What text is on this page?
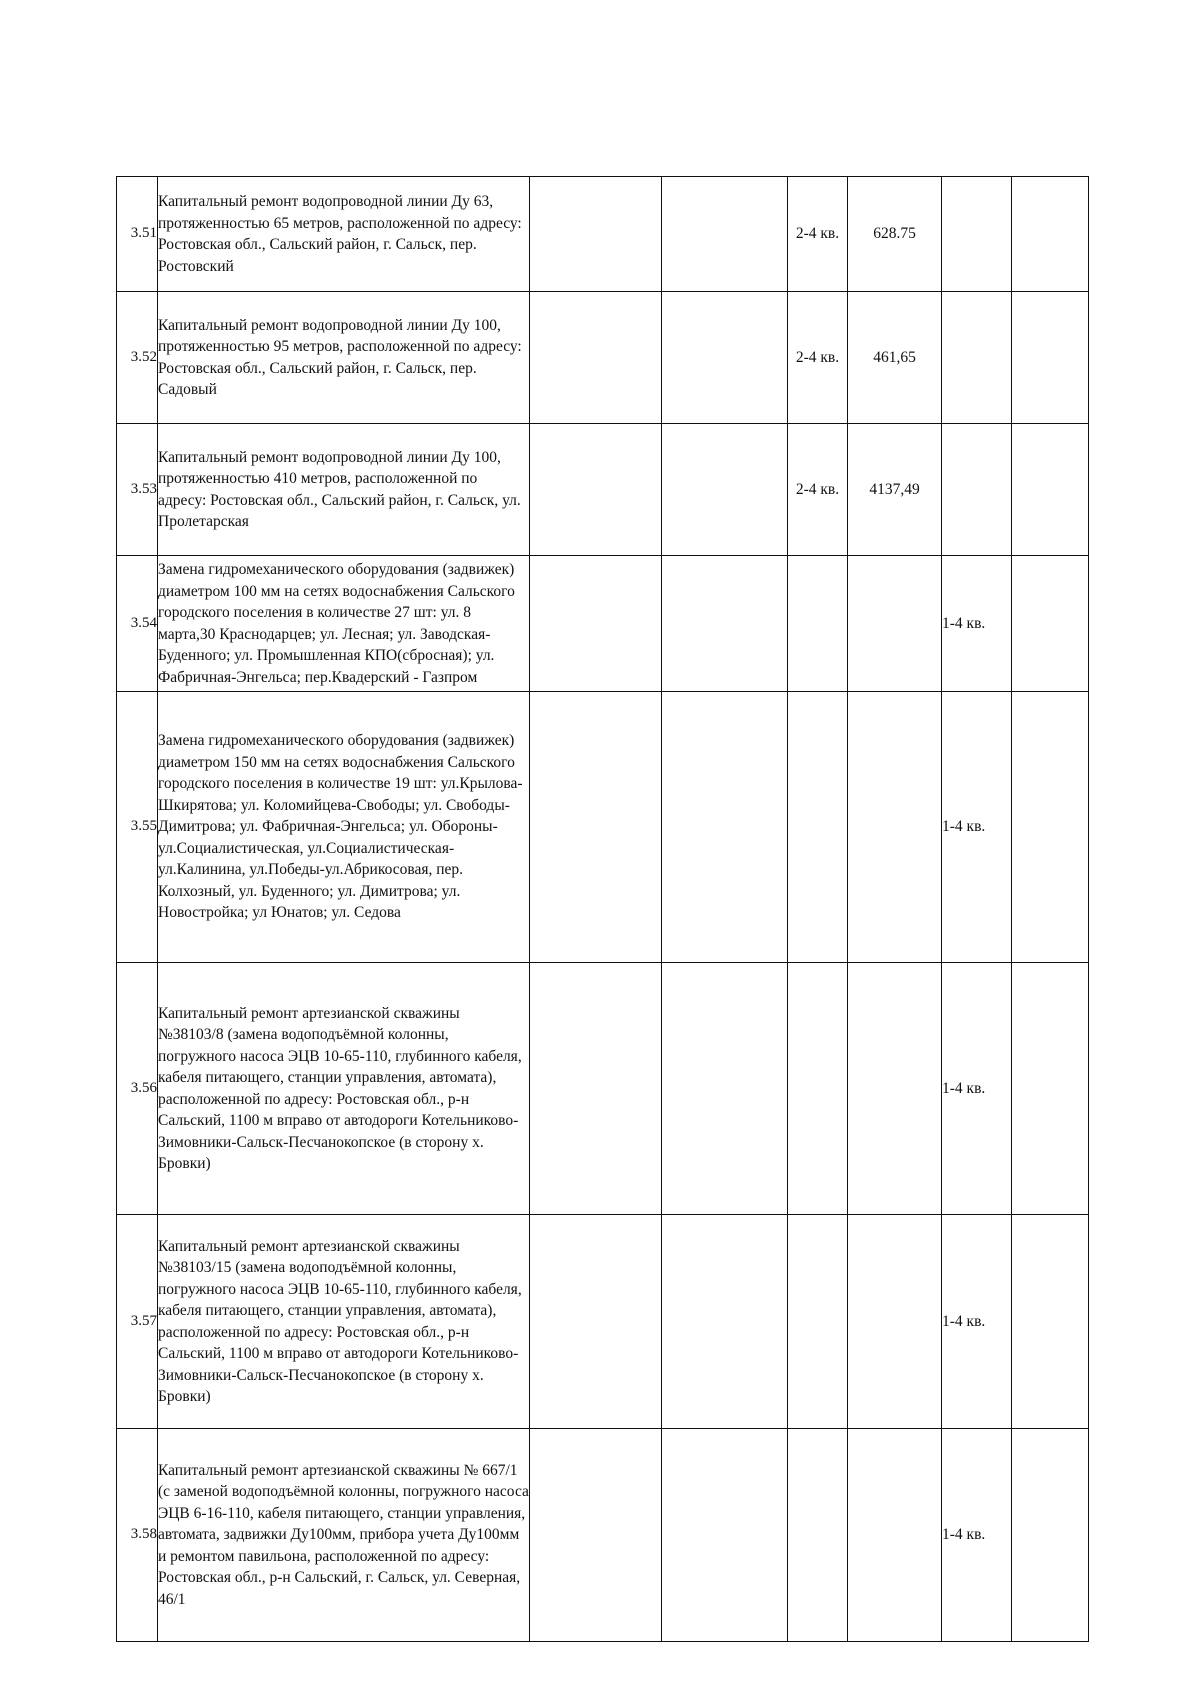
3.51	Капитальный ремонт водопроводной линии Ду 63, протяженностью 65 метров, расположенной по адресу: Ростовская обл., Сальский район, г. Сальск, пер. Ростовский			2-4 кв.	628.75		
3.52	Капитальный ремонт водопроводной линии Ду 100, протяженностью 95 метров, расположенной по адресу: Ростовская обл., Сальский район, г. Сальск, пер. Садовый			2-4 кв.	461,65		
3.53	Капитальный ремонт водопроводной линии Ду 100, протяженностью 410 метров, расположенной по адресу: Ростовская обл., Сальский район, г. Сальск, ул. Пролетарская			2-4 кв.	4137,49		
3.54	Замена гидромеханического оборудования (задвижек) диаметром 100 мм на сетях водоснабжения Сальского городского поселения в количестве 27 шт: ул. 8 марта,30 Краснодарцев; ул. Лесная; ул. Заводская-Буденного; ул. Промышленная КПО(сбросная); ул. Фабричная-Энгельса; пер.Квадерский - Газпром					1-4 кв.	
3.55	Замена гидромеханического оборудования (задвижек) диаметром 150 мм на сетях водоснабжения Сальского городского поселения в количестве 19 шт: ул.Крылова-Шкирятова; ул. Коломийцева-Свободы; ул. Свободы-Димитрова; ул. Фабричная-Энгельса; ул. Обороны-ул.Социалистическая, ул.Социалистическая-ул.Калинина, ул.Победы-ул.Абрикосовая, пер. Колхозный, ул. Буденного; ул. Димитрова; ул. Новостройка; ул Юнатов; ул. Седова					1-4 кв.	
3.56	Капитальный ремонт артезианской скважины №38103/8 (замена водоподъёмной колонны, погружного насоса ЭЦВ 10-65-110, глубинного кабеля, кабеля питающего, станции управления, автомата), расположенной по адресу: Ростовская обл., р-н Сальский, 1100 м вправо от автодороги Котельниково-Зимовники-Сальск-Песчанокопское (в сторону х. Бровки)					1-4 кв.	
3.57	Капитальный ремонт артезианской скважины №38103/15 (замена водоподъёмной колонны, погружного насоса ЭЦВ 10-65-110, глубинного кабеля, кабеля питающего, станции управления, автомата), расположенной по адресу: Ростовская обл., р-н Сальский, 1100 м вправо от автодороги Котельниково-Зимовники-Сальск-Песчанокопское (в сторону х. Бровки)					1-4 кв.	
3.58	Капитальный ремонт артезианской скважины № 667/1 (с заменой водоподъёмной колонны, погружного насоса ЭЦВ 6-16-110, кабеля питающего, станции управления, автомата, задвижки Ду100мм, прибора учета Ду100мм и ремонтом павильона, расположенной по адресу: Ростовская обл., р-н Сальский, г. Сальск, ул. Северная, 46/1					1-4 кв.	
